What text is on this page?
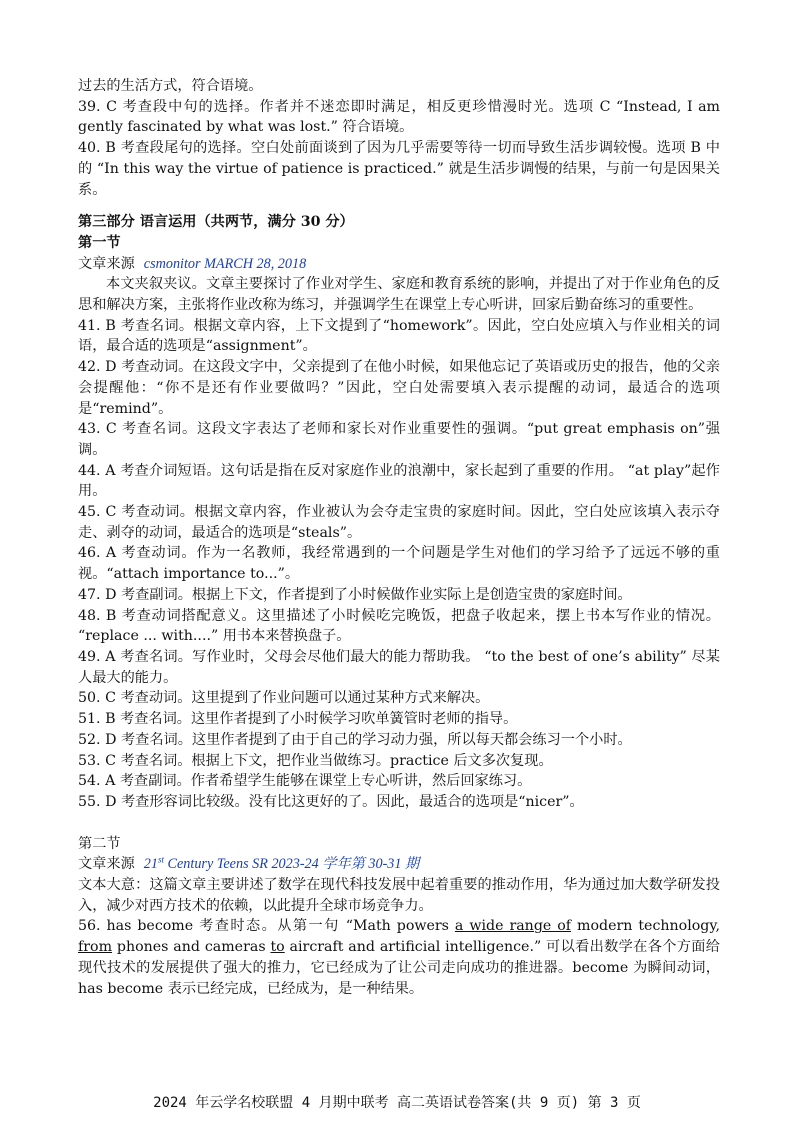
过去的生活方式，符合语境。

39. C 考查段中句的选择。作者并不迷恋即时满足，相反更珍惜漫时光。选项 C “Instead, I am gently fascinated by what was lost.” 符合语境。

40. B 考查段尾句的选择。空白处前面谈到了因为几乎需要等待一切而导致生活步调较慢。选项 B 中的 “In this way the virtue of patience is practiced.” 就是生活步调慢的结果，与前一句是因果关系。

第三部分 语言运用（共两节，满分 30 分）

第一节

文章来源 csmonitor MARCH 28, 2018

本文夹叙夹议。文章主要探讨了作业对学生、家庭和教育系统的影响，并提出了对于作业角色的反思和解决方案，主张将作业改称为练习，并强调学生在课堂上专心听讲，回家后勤奋练习的重要性。

41. B 考查名词。根据文章内容，上下文提到了“homework”。因此，空白处应填入与作业相关的词语，最合适的选项是“assignment”。

42. D 考查动词。在这段文字中，父亲提到了在他小时候，如果他忘记了英语或历史的报告，他的父亲会提醒他：“你不是还有作业要做吗？”因此，空白处需要填入表示提醒的动词，最适合的选项是“remind”。

43. C 考查名词。这段文字表达了老师和家长对作业重要性的强调。“put great emphasis on”强调。

44. A 考查介词短语。这句话是指在反对家庭作业的浪潮中，家长起到了重要的作用。 “at play”起作用。

45. C 考查动词。根据文章内容，作业被认为会夺走宝贵的家庭时间。因此，空白处应该填入表示夺走、剥夺的动词，最适合的选项是“steals”。

46. A 考查动词。作为一名教师，我经常遇到的一个问题是学生对他们的学习给予了远远不够的重视。“attach importance to...”。

47. D 考查副词。根据上下文，作者提到了小时候做作业实际上是创造宝贵的家庭时间。

48. B 考查动词搭配意义。这里描述了小时候吃完晚饭，把盘子收起来，摆上书本写作业的情况。 “replace ... with....” 用书本来替换盘子。

49. A 考查名词。写作业时，父母会尽他们最大的能力帮助我。 “to the best of one’s ability” 尽某人最大的能力。

50. C 考查动词。这里提到了作业问题可以通过某种方式来解决。

51. B 考查名词。这里作者提到了小时候学习吹单簧管时老师的指导。

52. D 考查名词。这里作者提到了由于自己的学习动力强，所以每天都会练习一个小时。

53. C 考查名词。根据上下文，把作业当做练习。practice 后文多次复现。

54. A 考查副词。作者希望学生能够在课堂上专心听讲，然后回家练习。

55. D 考查形容词比较级。没有比这更好的了。因此，最适合的选项是“nicer”。

第二节

文章来源 21st Century Teens SR 2023-24 学年第 30-31 期

文本大意：这篇文章主要讲述了数学在现代科技发展中起着重要的推动作用，华为通过加大数学研发投入，减少对西方技术的依赖，以此提升全球市场竞争力。

56. has become 考查时态。从第一句 “Math powers a wide range of modern technology, from phones and cameras to aircraft and artificial intelligence.” 可以看出数学在各个方面给现代技术的发展提供了强大的推力，它已经成为了让公司走向成功的推进器。become 为瞬间动词，has become 表示已经完成，已经成为，是一种结果。

2024 年云学名校联盟 4 月期中联考 高二英语试卷答案(共 9 页) 第 3 页
